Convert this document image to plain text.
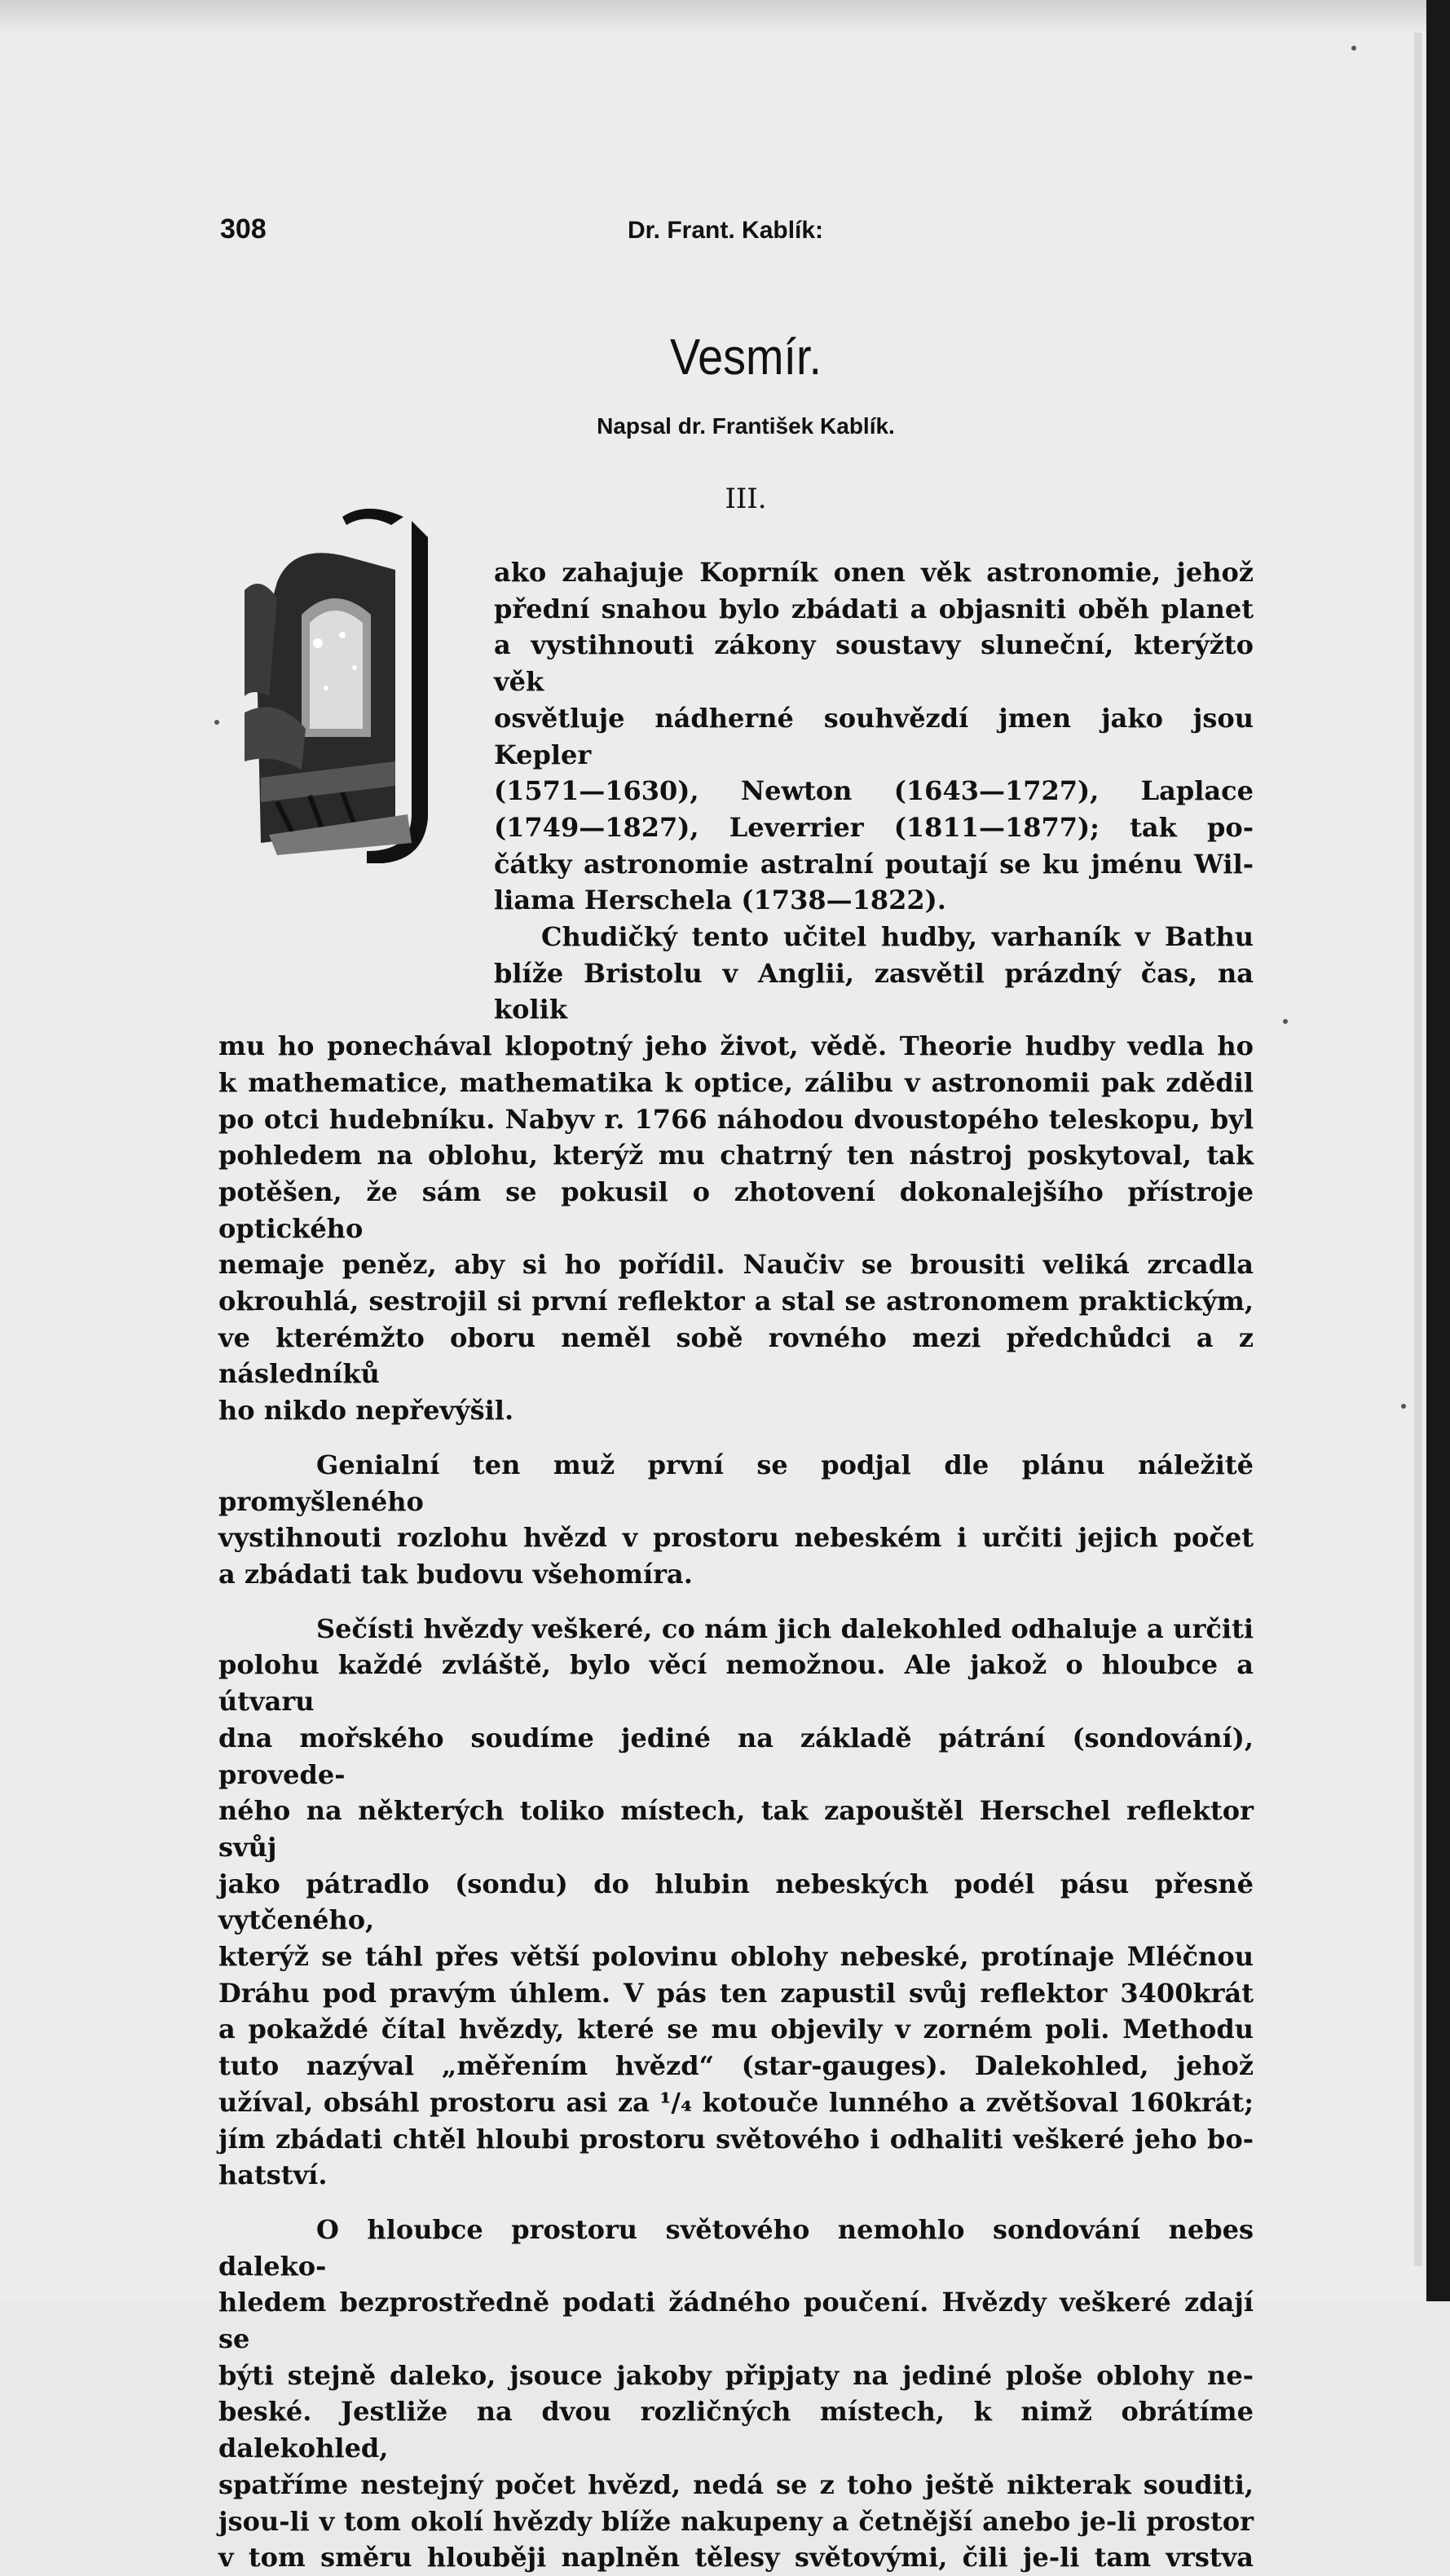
308	Dr. Frant. Kablík:
Vesmír.
Napsal dr. František Kablík.
III.

ako zahajuje Koprník onen věk astronomie, jehož

přední snahou bylo zbádati a objasniti oběh planet

a vystihnouti zákony soustavy sluneční, kterýžto věk

osvětluje nádherné souhvězdí jmen jako jsou Kepler

(1571—1630), Newton (1643—1727), Laplace

(1749—1827), Leverrier (1811—1877); tak po-

čátky astronomie astralní poutají se ku jménu Wil-

liama Herschela (1738—1822).

Chudičký tento učitel hudby, varhaník v Bathu

blíže Bristolu v Anglii, zasvětil prázdný čas, na kolik

mu ho ponechával klopotný jeho život, vědě. Theorie hudby vedla ho

k mathematice, mathematika k optice, zálibu v astronomii pak zdědil

po otci hudebníku. Nabyv r. 1766 náhodou dvoustopého teleskopu, byl

pohledem na oblohu, kterýž mu chatrný ten nástroj poskytoval, tak

potěšen, že sám se pokusil o zhotovení dokonalejšího přístroje optického

nemaje peněz, aby si ho pořídil. Naučiv se brousiti veliká zrcadla

okrouhlá, sestrojil si první reflektor a stal se astronomem praktickým,

ve kterémžto oboru neměl sobě rovného mezi předchůdci a z následníků

ho nikdo nepřevýšil.

Genialní ten muž první se podjal dle plánu náležitě promyšleného

vystihnouti rozlohu hvězd v prostoru nebeském i určiti jejich počet

a zbádati tak budovu všehomíra.

Sečísti hvězdy veškeré, co nám jich dalekohled odhaluje a určiti

polohu každé zvláště, bylo věcí nemožnou. Ale jakož o hloubce a útvaru

dna mořského soudíme jediné na základě pátrání (sondování), provede-

ného na některých toliko místech, tak zapouštěl Herschel reflektor svůj

jako pátradlo (sondu) do hlubin nebeských podél pásu přesně vytčeného,

kterýž se táhl přes větší polovinu oblohy nebeské, protínaje Mléčnou

Dráhu pod pravým úhlem. V pás ten zapustil svůj reflektor 3400krát

a pokaždé čítal hvězdy, které se mu objevily v zorném poli. Methodu

tuto nazýval „měřením hvězd“ (star-gauges). Dalekohled, jehož

užíval, obsáhl prostoru asi za ¹/₄ kotouče lunného a zvětšoval 160krát;

jím zbádati chtěl hloubi prostoru světového i odhaliti veškeré jeho bo-

hatství.

O hloubce prostoru světového nemohlo sondování nebes daleko-

hledem bezprostředně podati žádného poučení. Hvězdy veškeré zdají se

býti stejně daleko, jsouce jakoby připjaty na jediné ploše oblohy ne-

beské. Jestliže na dvou rozličných místech, k nimž obrátíme dalekohled,

spatříme nestejný počet hvězd, nedá se z toho ještě nikterak souditi,

jsou-li v tom okolí hvězdy blíže nakupeny a četnější anebo je-li prostor

v tom směru hlouběji naplněn tělesy světovými, čili je-li tam vrstva
